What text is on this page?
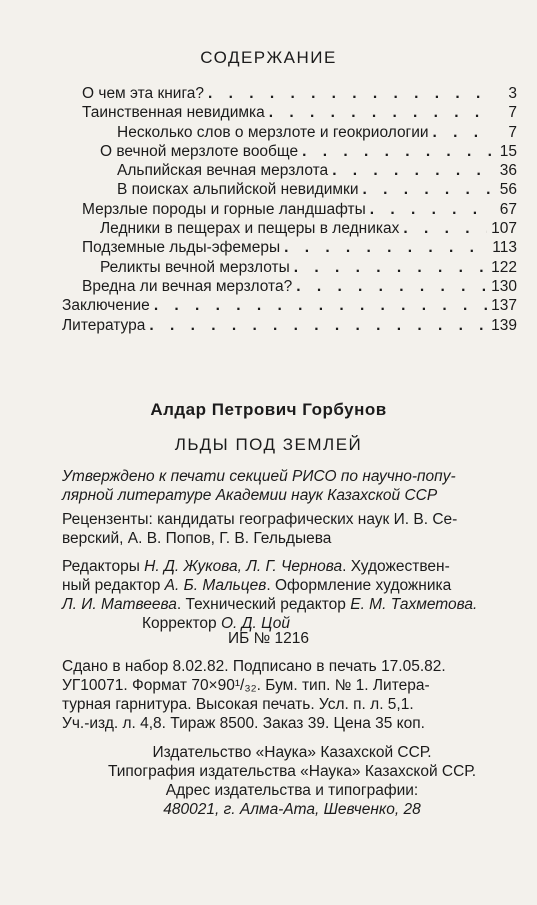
СОДЕРЖАНИЕ
О чем эта книга? . . .	3
Таинственная невидимка . . .	7
Несколько слов о мерзлоте и геокриологии . . .	7
О вечной мерзлоте вообще . . .	15
Альпийская вечная мерзлота . . .	36
В поисках альпийской невидимки . . .	56
Мерзлые породы и горные ландшафты . . .	67
Ледники в пещерах и пещеры в ледниках . . .	107
Подземные льды-эфемеры . . .	113
Реликты вечной мерзлоты . . .	122
Вредна ли вечная мерзлота? . . .	130
Заключение . . .	137
Литература . . .	139
Алдар Петрович Горбунов
ЛЬДЫ ПОД ЗЕМЛЕЙ
Утверждено к печати секцией РИСО по научно-попу-
лярной литературе Академии наук Казахской ССР
Рецензенты: кандидаты географических наук И. В. Се-
верский, А. В. Попов, Г. В. Гельдыева
Редакторы Н. Д. Жукова, Л. Г. Чернова. Художествен-
ный редактор А. Б. Мальцев. Оформление художника
Л. И. Матвеева. Технический редактор Е. М. Тахметова.
Корректор О. Д. Цой
ИБ № 1216
Сдано в набор 8.02.82. Подписано в печать 17.05.82.
УГ10071. Формат 70×90¹/₃₂. Бум. тип. № 1. Литера-
турная гарнитура. Высокая печать. Усл. п. л. 5,1.
Уч.-изд. л. 4,8. Тираж 8500. Заказ 39. Цена 35 коп.
Издательство «Наука» Казахской ССР.
Типография издательства «Наука» Казахской ССР.
Адрес издательства и типографии:
480021, г. Алма-Ата, Шевченко, 28
